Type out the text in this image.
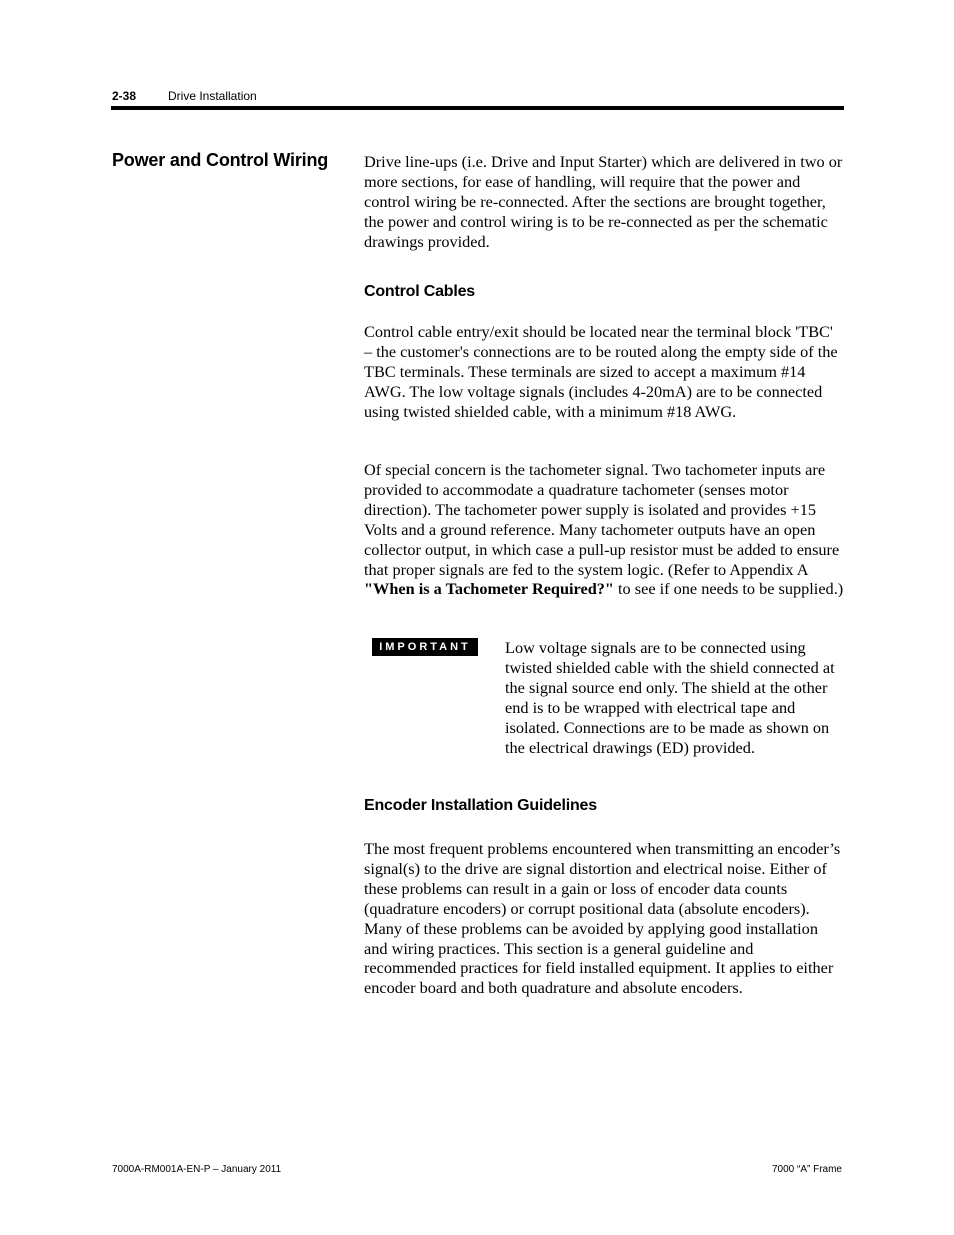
2-38	Drive Installation
Power and Control Wiring Drive line-ups (i.e. Drive and Input Starter) which are delivered in two or more sections, for ease of handling, will require that the power and control wiring be re-connected. After the sections are brought together, the power and control wiring is to be re-connected as per the schematic drawings provided.

Control Cables

Control cable entry/exit should be located near the terminal block 'TBC' – the customer's connections are to be routed along the empty side of the TBC terminals. These terminals are sized to accept a maximum #14 AWG. The low voltage signals (includes 4-20mA) are to be connected using twisted shielded cable, with a minimum #18 AWG.

Of special concern is the tachometer signal. Two tachometer inputs are provided to accommodate a quadrature tachometer (senses motor direction). The tachometer power supply is isolated and provides +15 Volts and a ground reference. Many tachometer outputs have an open collector output, in which case a pull-up resistor must be added to ensure that proper signals are fed to the system logic. (Refer to Appendix A "When is a Tachometer Required?" to see if one needs to be supplied.)

IMPORTANT	Low voltage signals are to be connected using twisted shielded cable with the shield connected at the signal source end only. The shield at the other end is to be wrapped with electrical tape and isolated. Connections are to be made as shown on the electrical drawings (ED) provided.

Encoder Installation Guidelines

The most frequent problems encountered when transmitting an encoder’s signal(s) to the drive are signal distortion and electrical noise. Either of these problems can result in a gain or loss of encoder data counts (quadrature encoders) or corrupt positional data (absolute encoders). Many of these problems can be avoided by applying good installation and wiring practices. This section is a general guideline and recommended practices for field installed equipment. It applies to either encoder board and both quadrature and absolute encoders.

7000A-RM001A-EN-P – January 2011	7000 “A” Frame
